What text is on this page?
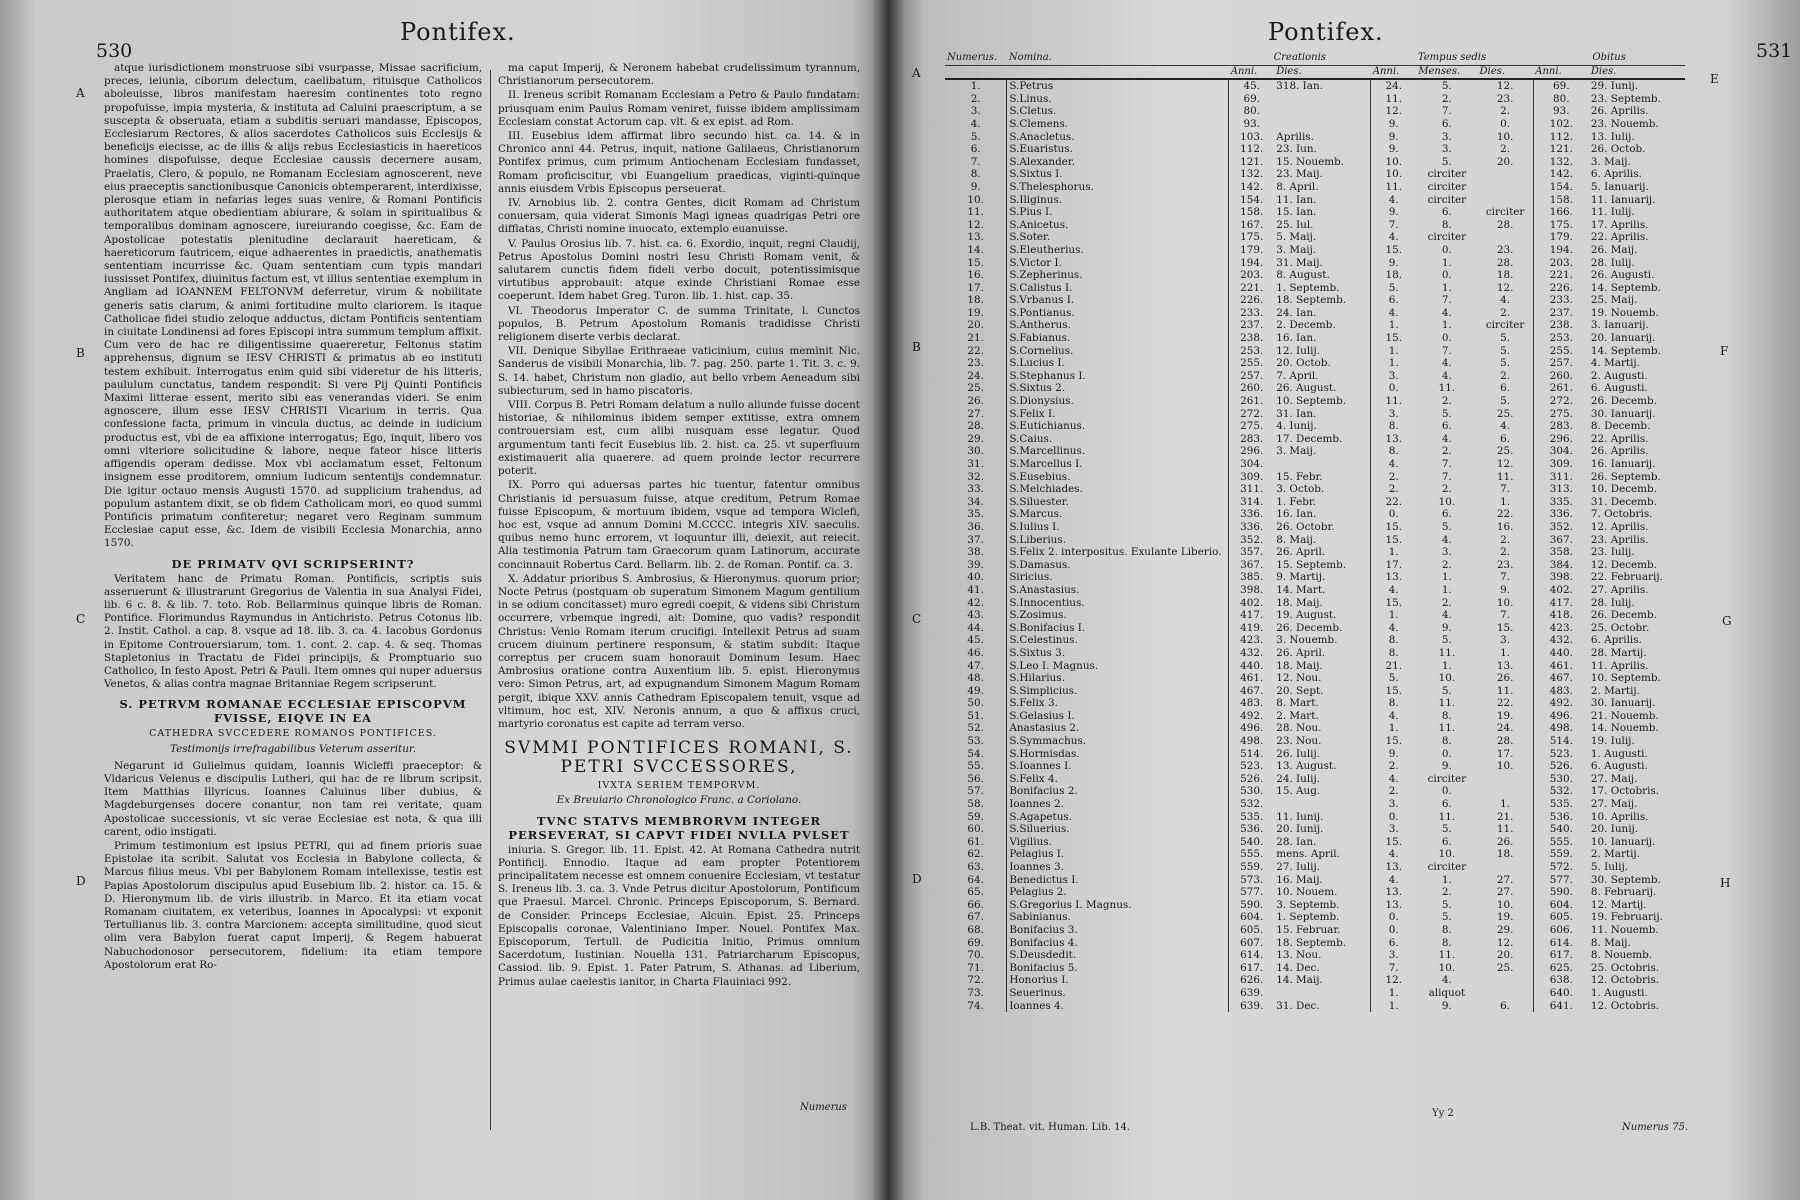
530
Pontifex.
A
B
C
D

atque iurisdictionem monstruose sibi vsurpasse, Missae sacrificium, preces, ieiunia, ciborum delectum, caelibatum, rituisque Catholicos aboleuisse, libros manifestam haeresim continentes toto regno propofuisse, impia mysteria, & instituta ad Caluini praescriptum, a se suscepta & obseruata, etiam a subditis seruari mandasse, Episcopos, Ecclesiarum Rectores, & alios sacerdotes Catholicos suis Ecclesijs & beneficijs eiecisse, ac de illis & alijs rebus Ecclesiasticis in haereticos homines dispofuisse, deque Ecclesiae caussis decernere ausam, Praelatis, Clero, & populo, ne Romanam Ecclesiam agnoscerent, neve eius praeceptis sanctionibusque Canonicis obtemperarent, interdixisse, plerosque etiam in nefarias leges suas venire, & Romani Pontificis authoritatem atque obedientiam abiurare, & solam in spiritualibus & temporalibus dominam agnoscere, iureiurando coegisse, &c. Eam de Apostolicae potestatis plenitudine declarauit haereticam, & haereticorum fautricem, eique adhaerentes in praedictis, anathematis sententiam incurrisse &c. Quam sententiam cum typis mandari iussisset Pontifex, diuinitus factum est, vt illius sententiae exemplum in Angliam ad IOANNEM FELTONVM deferretur, virum & nobilitate generis satis clarum, & animi fortitudine multo clariorem. Is itaque Catholicae fidei studio zeloque adductus, dictam Pontificis sententiam in ciuitate Londinensi ad fores Episcopi intra summum templum affixit. Cum vero de hac re diligentissime quaereretur, Feltonus statim apprehensus, dignum se IESV CHRISTI & primatus ab eo instituti testem exhibuit. Interrogatus enim quid sibi videretur de his litteris, paululum cunctatus, tandem respondit: Si vere Pij Quinti Pontificis Maximi litterae essent, merito sibi eas venerandas videri. Se enim agnoscere, illum esse IESV CHRISTI Vicarium in terris. Qua confessione facta, primum in vincula ductus, ac deinde in iudicium productus est, vbi de ea affixione interrogatus; Ego, inquit, libero vos omni vlteriore solicitudine & labore, neque fateor hisce litteris affigendis operam dedisse. Mox vbi acclamatum esset, Feltonum insignem esse proditorem, omnium Iudicum sententijs condemnatur. Die igitur octauo mensis Augusti 1570. ad supplicium trahendus, ad populum astantem dixit, se ob fidem Catholicam mori, eo quod summi Pontificis primatum confiteretur; negaret vero Reginam summum Ecclesiae caput esse, &c. Idem de visibili Ecclesia Monarchia, anno 1570.

DE PRIMATV QVI SCRIPSERINT?

Veritatem hanc de Primatu Roman. Pontificis, scriptis suis asseruerunt & illustrarunt Gregorius de Valentia in sua Analysi Fidei, lib. 6 c. 8. & lib. 7. toto. Rob. Bellarminus quinque libris de Roman. Pontifice. Florimundus Raymundus in Antichristo. Petrus Cotonus lib. 2. Instit. Cathol. a cap. 8. vsque ad 18. lib. 3. ca. 4. Iacobus Gordonus in Epitome Controuersiarum, tom. 1. cont. 2. cap. 4. & seq. Thomas Stapletonius in Tractatu de Fidei principijs, & Promptuario suo Catholico, In festo Apost. Petri & Pauli. Item omnes qui nuper aduersus Venetos, & alias contra magnae Britanniae Regem scripserunt.

S. PETRVM ROMANAE ECCLESIAE EPISCOPVM FVISSE, EIQVE IN EA
CATHEDRA SVCCEDERE ROMANOS PONTIFICES.
Testimonijs irrefragabilibus Veterum asseritur.

Negarunt id Gulielmus quidam, Ioannis Wicleffi praeceptor: & Vldaricus Velenus e discipulis Lutheri, qui hac de re librum scripsit. Item Matthias Illyricus. Ioannes Caluinus liber dubius, & Magdeburgenses docere conantur, non tam rei veritate, quam Apostolicae successionis, vt sic verae Ecclesiae est nota, & qua illi carent, odio instigati.

Primum testimonium est ipsius PETRI, qui ad finem prioris suae Epistolae ita scribit. Salutat vos Ecclesia in Babylone collecta, & Marcus filius meus. Vbi per Babylonem Romam intellexisse, testis est Papias Apostolorum discipulus apud Eusebium lib. 2. histor. ca. 15. & D. Hieronymum lib. de viris illustrib. in Marco. Et ita etiam vocat Romanam ciuitatem, ex veteribus, Ioannes in Apocalypsi: vt exponit Tertullianus lib. 3. contra Marcionem: accepta similitudine, quod sicut olim vera Babylon fuerat caput Imperij, & Regem habuerat Nabuchodonosor persecutorem, fidelium: ita etiam tempore Apostolorum erat Ro-

ma caput Imperij, & Neronem habebat crudelissimum tyrannum, Christianorum persecutorem.

II. Ireneus scribit Romanam Ecclesiam a Petro & Paulo fundatam: priusquam enim Paulus Romam veniret, fuisse ibidem amplissimam Ecclesiam constat Actorum cap. vlt. & ex epist. ad Rom.

III. Eusebius idem affirmat libro secundo hist. ca. 14. & in Chronico anni 44. Petrus, inquit, natione Galilaeus, Christianorum Pontifex primus, cum primum Antiochenam Ecclesiam fundasset, Romam proficiscitur, vbi Euangelium praedicas, viginti-quinque annis eiusdem Vrbis Episcopus perseuerat.

IV. Arnobius lib. 2. contra Gentes, dicit Romam ad Christum conuersam, quia viderat Simonis Magi igneas quadrigas Petri ore difflatas, Christi nomine inuocato, extemplo euanuisse.

V. Paulus Orosius lib. 7. hist. ca. 6. Exordio, inquit, regni Claudij, Petrus Apostolus Domini nostri Iesu Christi Romam venit, & salutarem cunctis fidem fideli verbo docuit, potentissimisque virtutibus approbauit: atque exinde Christiani Romae esse coeperunt. Idem habet Greg. Turon. lib. 1. hist. cap. 35.

VI. Theodorus Imperator C. de summa Trinitate, l. Cunctos populos, B. Petrum Apostolum Romanis tradidisse Christi religionem diserte verbis declarat.

VII. Denique Sibyllae Erithraeae vaticinium, cuius meminit Nic. Sanderus de visibili Monarchia, lib. 7. pag. 250. parte 1. Tit. 3. c. 9. S. 14. habet, Christum non gladio, aut bello vrbem Aeneadum sibi subiecturum, sed in hamo piscatoris.

VIII. Corpus B. Petri Romam delatum a nullo aliunde fuisse docent historiae, & nihilominus ibidem semper extitisse, extra omnem controuersiam est, cum alibi nusquam esse legatur. Quod argumentum tanti fecit Eusebius lib. 2. hist. ca. 25. vt superfluum existimauerit alia quaerere. ad quem proinde lector recurrere poterit.

IX. Porro qui aduersas partes hic tuentur, fatentur omnibus Christianis id persuasum fuisse, atque creditum, Petrum Romae fuisse Episcopum, & mortuum ibidem, vsque ad tempora Wiclefi, hoc est, vsque ad annum Domini M.CCCC. integris XIV. saeculis. quibus nemo hunc errorem, vt loquuntur illi, deiexit, aut reiecit. Alia testimonia Patrum tam Graecorum quam Latinorum, accurate concinnauit Robertus Card. Bellarm. lib. 2. de Roman. Pontif. ca. 3.

X. Addatur prioribus S. Ambrosius, & Hieronymus. quorum prior; Nocte Petrus (postquam ob superatum Simonem Magum gentilium in se odium concitasset) muro egredi coepit, & videns sibi Christum occurrere, vrbemque ingredi, ait: Domine, quo vadis? respondit Christus: Venio Romam iterum crucifigi. Intellexit Petrus ad suam crucem diuinum pertinere responsum, & statim subdit: Itaque correptus per crucem suam honorauit Dominum Iesum. Haec Ambrosius oratione contra Auxentium lib. 5. epist. Hieronymus vero: Simon Petrus, art, ad expugnandum Simonem Magum Romam pergit, ibique XXV. annis Cathedram Episcopalem tenuit, vsque ad vltimum, hoc est, XIV. Neronis annum, a quo & affixus cruci, martyrio coronatus est capite ad terram verso.

SVMMI PONTIFICES ROMANI, S. PETRI SVCCESSORES,
IVXTA SERIEM TEMPORVM.
Ex Breuiario Chronologico Franc. a Coriolano.
TVNC STATVS MEMBRORVM INTEGER PERSEVERAT, SI CAPVT FIDEI NVLLA PVLSET

iniuria. S. Gregor. lib. 11. Epist. 42. At Romana Cathedra nutrit Pontificij. Ennodio. Itaque ad eam propter Potentiorem principalitatem necesse est omnem conuenire Ecclesiam, vt testatur S. Ireneus lib. 3. ca. 3. Vnde Petrus dicitur Apostolorum, Pontificum que Praesul. Marcel. Chronic. Princeps Episcoporum, S. Bernard. de Consider. Princeps Ecclesiae, Alcuin. Epist. 25. Princeps Episcopalis coronae, Valentiniano Imper. Nouel. Pontifex Max. Episcoporum, Tertull. de Pudicitia Initio, Primus omnium Sacerdotum, Iustinian. Nouella 131. Patriarcharum Episcopus, Cassiod. lib. 9. Epist. 1. Pater Patrum, S. Athanas. ad Liberium, Primus aulae caelestis ianitor, in Charta Flauiniaci 992.

Numerus
Pontifex.
531
A
B
C
D
E
F
G
H
L.B. Theat. vit. Human. Lib. 14.
Yy 2
Numerus 75.
Numerus.	Nomina.	Creationis		Tempus sedis			Obitus	
		Anni.	Dies.	Anni.	Menses.	Dies.	Anni.	Dies.
1.	S.Petrus	45.	318. Ian.	24.	5.	12.	69.	29. Iunij.
2.	S.Linus.	69.		11.	2.	23.	80.	23. Septemb.
3.	S.Cletus.	80.		12.	7.	2.	93.	26. Aprilis.
4.	S.Clemens.	93.		9.	6.	0.	102.	23. Nouemb.
5.	S.Anacletus.	103.	Aprilis.	9.	3.	10.	112.	13. Iulij.
6.	S.Euaristus.	112.	23. Iun.	9.	3.	2.	121.	26. Octob.
7.	S.Alexander.	121.	15. Nouemb.	10.	5.	20.	132.	3. Maij.
8.	S.Sixtus I.	132.	23. Maij.	10.	circiter		142.	6. Aprilis.
9.	S.Thelesphorus.	142.	8. April.	11.	circiter		154.	5. Ianuarij.
10.	S.Iliginus.	154.	11. Ian.	4.	circiter		158.	11. Ianuarij.
11.	S.Pius I.	158.	15. Ian.	9.	6.	circiter	166.	11. Iulij.
12.	S.Anicetus.	167.	25. Iul.	7.	8.	28.	175.	17. Aprilis.
13.	S.Soter.	175.	5. Maij.	4.	circiter		179.	22. Aprilis.
14.	S.Eleutherius.	179.	3. Maij.	15.	0.	23.	194.	26. Maij.
15.	S.Victor I.	194.	31. Maij.	9.	1.	28.	203.	28. Iulij.
16.	S.Zepherinus.	203.	8. August.	18.	0.	18.	221.	26. Augusti.
17.	S.Calistus I.	221.	1. Septemb.	5.	1.	12.	226.	14. Septemb.
18.	S.Vrbanus I.	226.	18. Septemb.	6.	7.	4.	233.	25. Maij.
19.	S.Pontianus.	233.	24. Ian.	4.	4.	2.	237.	19. Nouemb.
20.	S.Antherus.	237.	2. Decemb.	1.	1.	circiter	238.	3. Ianuarij.
21.	S.Fabianus.	238.	16. Ian.	15.	0.	5.	253.	20. Ianuarij.
22.	S.Cornelius.	253.	12. Iulij.	1.	7.	5.	255.	14. Septemb.
23.	S.Lucius I.	255.	20. Octob.	1.	4.	5.	257.	4. Martij.
24.	S.Stephanus I.	257.	7. April.	3.	4.	2.	260.	2. Augusti.
25.	S.Sixtus 2.	260.	26. August.	0.	11.	6.	261.	6. Augusti.
26.	S.Dionysius.	261.	10. Septemb.	11.	2.	5.	272.	26. Decemb.
27.	S.Felix I.	272.	31. Ian.	3.	5.	25.	275.	30. Ianuarij.
28.	S.Eutichianus.	275.	4. Iunij.	8.	6.	4.	283.	8. Decemb.
29.	S.Caius.	283.	17. Decemb.	13.	4.	6.	296.	22. Aprilis.
30.	S.Marcellinus.	296.	3. Maij.	8.	2.	25.	304.	26. Aprilis.
31.	S.Marcellus I.	304.		4.	7.	12.	309.	16. Ianuarij.
32.	S.Eusebius.	309.	15. Febr.	2.	7.	11.	311.	26. Septemb.
33.	S.Melchiades.	311.	3. Octob.	2.	2.	7.	313.	10. Decemb.
34.	S.Siluester.	314.	1. Febr.	22.	10.	1.	335.	31. Decemb.
35.	S.Marcus.	336.	16. Ian.	0.	6.	22.	336.	7. Octobris.
36.	S.Iulius I.	336.	26. Octobr.	15.	5.	16.	352.	12. Aprilis.
37.	S.Liberius.	352.	8. Maij.	15.	4.	2.	367.	23. Aprilis.
38.	S.Felix 2. interpositus. Exulante Liberio.	357.	26. April.	1.	3.	2.	358.	23. Iulij.
39.	S.Damasus.	367.	15. Septemb.	17.	2.	23.	384.	12. Decemb.
40.	Siricius.	385.	9. Martij.	13.	1.	7.	398.	22. Februarij.
41.	S.Anastasius.	398.	14. Mart.	4.	1.	9.	402.	27. Aprilis.
42.	S.Innocentius.	402.	18. Maij.	15.	2.	10.	417.	28. Iulij.
43.	S.Zosimus.	417.	19. August.	1.	4.	7.	418.	26. Decemb.
44.	S.Bonifacius I.	419.	26. Decemb.	4.	9.	15.	423.	25. Octobr.
45.	S.Celestinus.	423.	3. Nouemb.	8.	5.	3.	432.	6. Aprilis.
46.	S.Sixtus 3.	432.	26. April.	8.	11.	1.	440.	28. Martij.
47.	S.Leo I. Magnus.	440.	18. Maij.	21.	1.	13.	461.	11. Aprilis.
48.	S.Hilarius.	461.	12. Nou.	5.	10.	26.	467.	10. Septemb.
49.	S.Simplicius.	467.	20. Sept.	15.	5.	11.	483.	2. Martij.
50.	S.Felix 3.	483.	8. Mart.	8.	11.	22.	492.	30. Ianuarij.
51.	S.Gelasius I.	492.	2. Mart.	4.	8.	19.	496.	21. Nouemb.
52.	Anastasius 2.	496.	28. Nou.	1.	11.	24.	498.	14. Nouemb.
53.	S.Symmachus.	498.	23. Nou.	15.	8.	28.	514.	19. Iulij.
54.	S.Hormisdas.	514.	26. Iulij.	9.	0.	17.	523.	1. Augusti.
55.	S.Ioannes I.	523.	13. August.	2.	9.	10.	526.	6. Augusti.
56.	S.Felix 4.	526.	24. Iulij.	4.	circiter		530.	27. Maij.
57.	Bonifacius 2.	530.	15. Aug.	2.	0.		532.	17. Octobris.
58.	Ioannes 2.	532.		3.	6.	1.	535.	27. Maij.
59.	S.Agapetus.	535.	11. Iunij.	0.	11.	21.	536.	10. Aprilis.
60.	S.Siluerius.	536.	20. Iunij.	3.	5.	11.	540.	20. Iunij.
61.	Vigilius.	540.	28. Ian.	15.	6.	26.	555.	10. Ianuarij.
62.	Pelagius I.	555.	mens. April.	4.	10.	18.	559.	2. Martij.
63.	Ioannes 3.	559.	27. Iulij.	13.	circiter		572.	5. Iulij.
64.	Benedictus I.	573.	16. Maij.	4.	1.	27.	577.	30. Septemb.
65.	Pelagius 2.	577.	10. Nouem.	13.	2.	27.	590.	8. Februarij.
66.	S.Gregorius I. Magnus.	590.	3. Septemb.	13.	5.	10.	604.	12. Martij.
67.	Sabinianus.	604.	1. Septemb.	0.	5.	19.	605.	19. Februarij.
68.	Bonifacius 3.	605.	15. Februar.	0.	8.	29.	606.	11. Nouemb.
69.	Bonifacius 4.	607.	18. Septemb.	6.	8.	12.	614.	8. Maij.
70.	S.Deusdedit.	614.	13. Nou.	3.	11.	20.	617.	8. Nouemb.
71.	Bonifacius 5.	617.	14. Dec.	7.	10.	25.	625.	25. Octobris.
72.	Honorius I.	626.	14. Maij.	12.	4.		638.	12. Octobris.
73.	Seuerinus.	639.		1.	aliquot		640.	1. Augusti.
74.	Ioannes 4.	639.	31. Dec.	1.	9.	6.	641.	12. Octobris.
